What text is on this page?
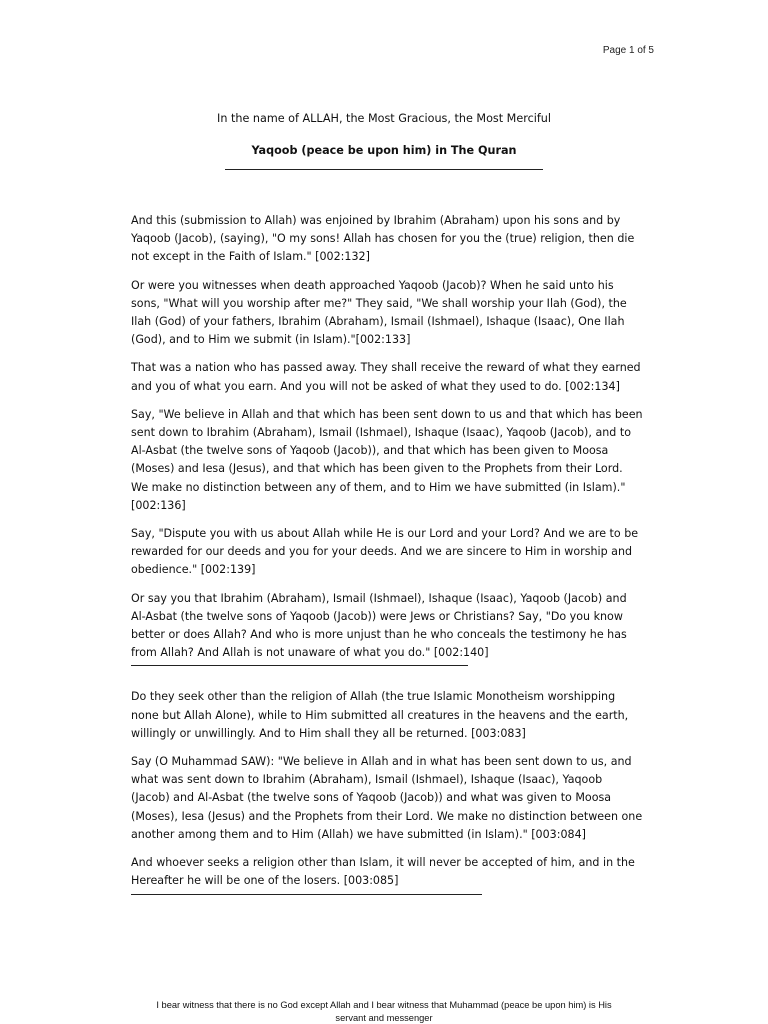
Page 1 of 5
In the name of ALLAH, the Most Gracious, the Most Merciful
Yaqoob (peace be upon him) in The Quran

And this (submission to Allah) was enjoined by Ibrahim (Abraham) upon his sons and by Yaqoob (Jacob), (saying), "O my sons! Allah has chosen for you the (true) religion, then die not except in the Faith of Islam." [002:132]

Or were you witnesses when death approached Yaqoob (Jacob)? When he said unto his sons, "What will you worship after me?" They said, "We shall worship your Ilah (God), the Ilah (God) of your fathers, Ibrahim (Abraham), Ismail (Ishmael), Ishaque (Isaac), One Ilah (God), and to Him we submit (in Islam)."[002:133]

That was a nation who has passed away. They shall receive the reward of what they earned and you of what you earn. And you will not be asked of what they used to do. [002:134]

Say, "We believe in Allah and that which has been sent down to us and that which has been sent down to Ibrahim (Abraham), Ismail (Ishmael), Ishaque (Isaac), Yaqoob (Jacob), and to Al-Asbat (the twelve sons of Yaqoob (Jacob)), and that which has been given to Moosa (Moses) and Iesa (Jesus), and that which has been given to the Prophets from their Lord. We make no distinction between any of them, and to Him we have submitted (in Islam)." [002:136]

Say, "Dispute you with us about Allah while He is our Lord and your Lord? And we are to be rewarded for our deeds and you for your deeds. And we are sincere to Him in worship and obedience." [002:139]

Or say you that Ibrahim (Abraham), Ismail (Ishmael), Ishaque (Isaac), Yaqoob (Jacob) and Al-Asbat (the twelve sons of Yaqoob (Jacob)) were Jews or Christians? Say, "Do you know better or does Allah? And who is more unjust than he who conceals the testimony he has from Allah? And Allah is not unaware of what you do." [002:140]

Do they seek other than the religion of Allah (the true Islamic Monotheism worshipping none but Allah Alone), while to Him submitted all creatures in the heavens and the earth, willingly or unwillingly. And to Him shall they all be returned. [003:083]

Say (O Muhammad SAW): "We believe in Allah and in what has been sent down to us, and what was sent down to Ibrahim (Abraham), Ismail (Ishmael), Ishaque (Isaac), Yaqoob (Jacob) and Al-Asbat (the twelve sons of Yaqoob (Jacob)) and what was given to Moosa (Moses), Iesa (Jesus) and the Prophets from their Lord. We make no distinction between one another among them and to Him (Allah) we have submitted (in Islam)." [003:084]

And whoever seeks a religion other than Islam, it will never be accepted of him, and in the Hereafter he will be one of the losers. [003:085]

I bear witness that there is no God except Allah and I bear witness that Muhammad (peace be upon him) is His
servant and messenger
